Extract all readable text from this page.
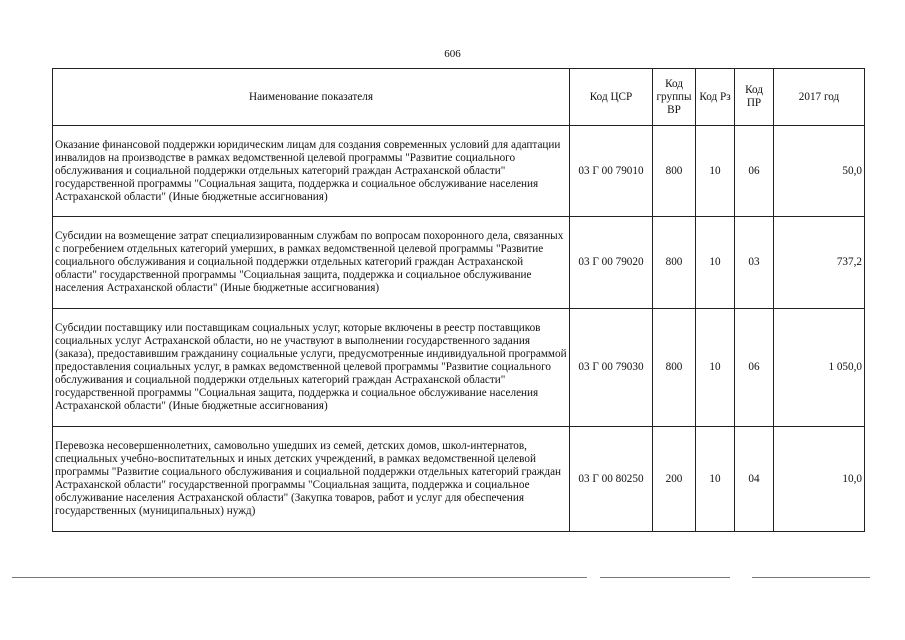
606
Наименование показателя	Код ЦСР	Код группы ВР	Код Рз	Код ПР	2017 год
Оказание финансовой поддержки юридическим лицам для создания современных условий для адаптации инвалидов на производстве в рамках ведомственной целевой программы "Развитие социального обслуживания и социальной поддержки отдельных категорий граждан Астраханской области" государственной программы "Социальная защита, поддержка и социальное обслуживание населения Астраханской области" (Иные бюджетные ассигнования)	03 Г 00 79010	800	10	06	50,0
Субсидии на возмещение затрат специализированным службам по вопросам похоронного дела, связанных с погребением отдельных категорий умерших, в рамках ведомственной целевой программы "Развитие социального обслуживания и социальной поддержки отдельных категорий граждан Астраханской области" государственной программы "Социальная защита, поддержка и социальное обслуживание населения Астраханской области" (Иные бюджетные ассигнования)	03 Г 00 79020	800	10	03	737,2
Субсидии поставщику или поставщикам социальных услуг, которые включены в реестр поставщиков социальных услуг Астраханской области, но не участвуют в выполнении государственного задания (заказа), предоставившим гражданину социальные услуги, предусмотренные индивидуальной программой предоставления социальных услуг, в рамках ведомственной целевой программы "Развитие социального обслуживания и социальной поддержки отдельных категорий граждан Астраханской области" государственной программы "Социальная защита, поддержка и социальное обслуживание населения Астраханской области" (Иные бюджетные ассигнования)	03 Г 00 79030	800	10	06	1 050,0
Перевозка несовершеннолетних, самовольно ушедших из семей, детских домов, школ-интернатов, специальных учебно-воспитательных и иных детских учреждений, в рамках ведомственной целевой программы "Развитие социального обслуживания и социальной поддержки отдельных категорий граждан Астраханской области" государственной программы "Социальная защита, поддержка и социальное обслуживание населения Астраханской области" (Закупка товаров, работ и услуг для обеспечения государственных (муниципальных) нужд)	03 Г 00 80250	200	10	04	10,0
